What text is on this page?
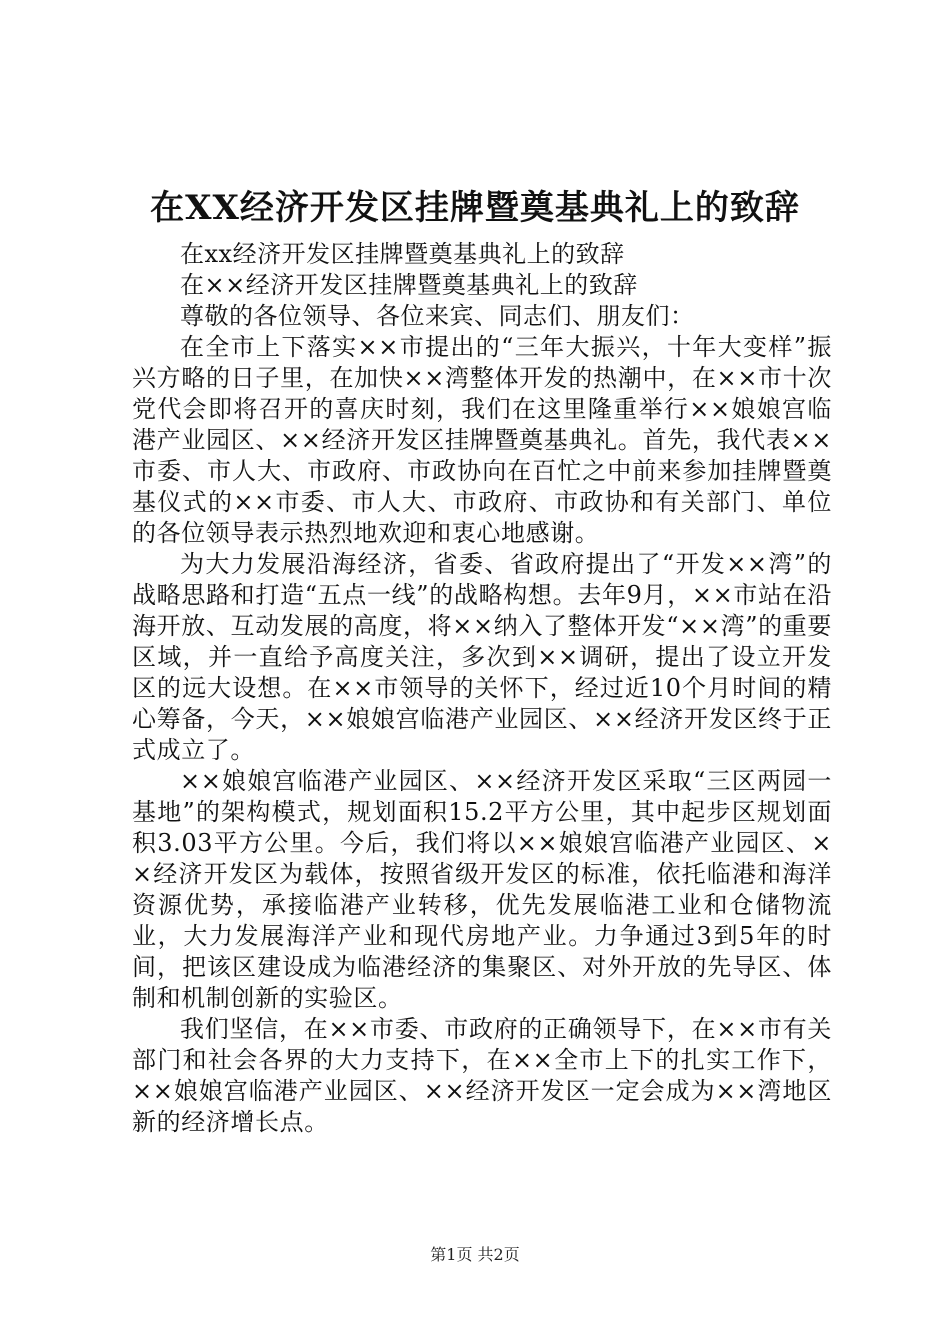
在XX经济开发区挂牌暨奠基典礼上的致辞

在xx经济开发区挂牌暨奠基典礼上的致辞

在××经济开发区挂牌暨奠基典礼上的致辞

尊敬的各位领导、各位来宾、同志们、朋友们：

在全市上下落实××市提出的“三年大振兴，十年大变样”振兴方略的日子里，在加快××湾整体开发的热潮中，在××市十次党代会即将召开的喜庆时刻，我们在这里隆重举行××娘娘宫临港产业园区、××经济开发区挂牌暨奠基典礼。首先，我代表××市委、市人大、市政府、市政协向在百忙之中前来参加挂牌暨奠基仪式的××市委、市人大、市政府、市政协和有关部门、单位的各位领导表示热烈地欢迎和衷心地感谢。

为大力发展沿海经济，省委、省政府提出了“开发××湾”的战略思路和打造“五点一线”的战略构想。去年9月，××市站在沿海开放、互动发展的高度，将××纳入了整体开发“××湾”的重要区域，并一直给予高度关注，多次到××调研，提出了设立开发区的远大设想。在××市领导的关怀下，经过近10个月时间的精心筹备，今天，××娘娘宫临港产业园区、××经济开发区终于正式成立了。

××娘娘宫临港产业园区、××经济开发区采取“三区两园一基地”的架构模式，规划面积15.2平方公里，其中起步区规划面积3.03平方公里。今后，我们将以××娘娘宫临港产业园区、××经济开发区为载体，按照省级开发区的标准，依托临港和海洋资源优势，承接临港产业转移，优先发展临港工业和仓储物流业，大力发展海洋产业和现代房地产业。力争通过3到5年的时间，把该区建设成为临港经济的集聚区、对外开放的先导区、体制和机制创新的实验区。

我们坚信，在××市委、市政府的正确领导下，在××市有关部门和社会各界的大力支持下，在××全市上下的扎实工作下，××娘娘宫临港产业园区、××经济开发区一定会成为××湾地区新的经济增长点。

第1页 共2页
